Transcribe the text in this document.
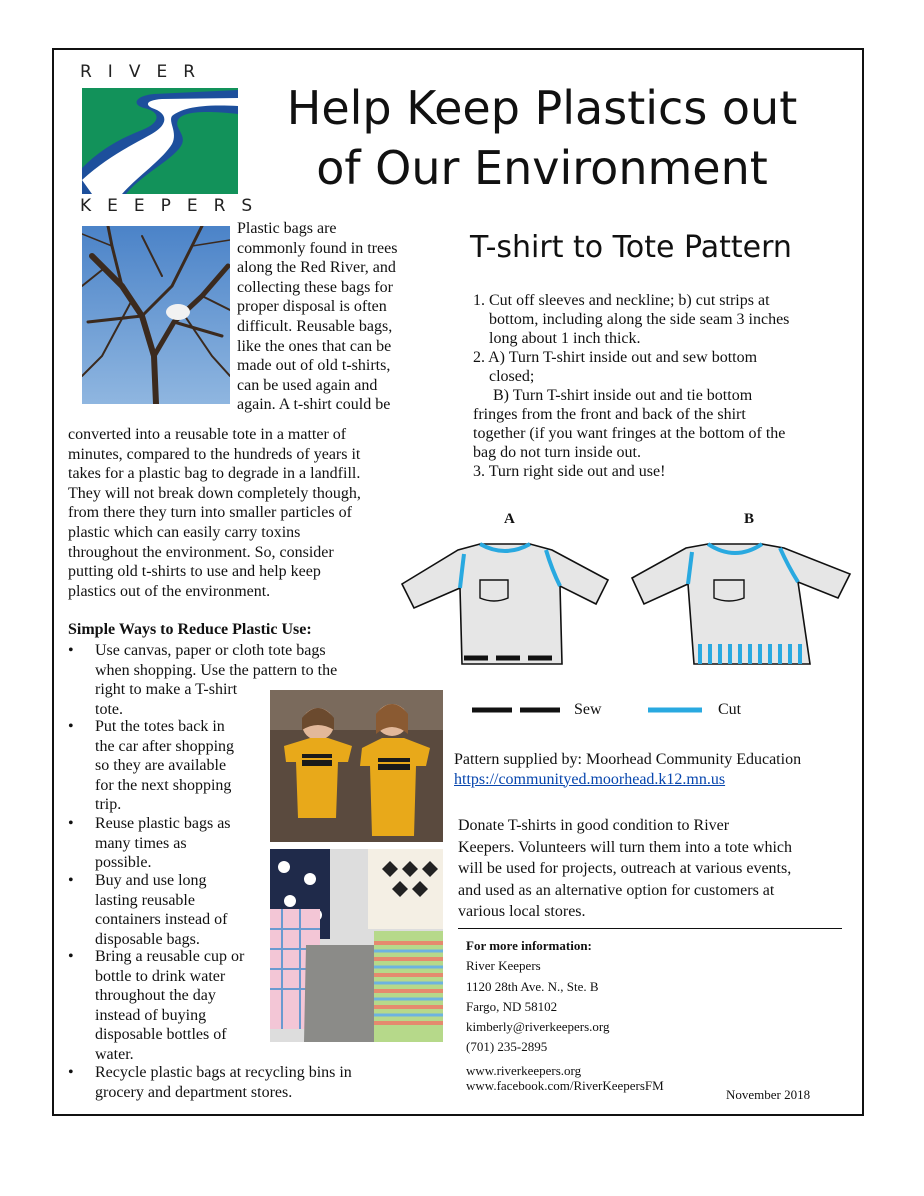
RIVER
KEEPERS
Help Keep Plastics out
of Our Environment
Plastic bags are
commonly found in trees
along the Red River, and
collecting these bags for
proper disposal is often
difficult. Reusable bags,
like the ones that can be
made out of old t-shirts,
can be used again and
again. A t-shirt could be
converted into a reusable tote in a matter of
minutes, compared to the hundreds of years it
takes for a plastic bag to degrade in a landfill.
They will not break down completely though,
from there they turn into smaller particles of
plastic which can easily carry toxins
throughout the environment. So, consider
putting old t-shirts to use and help keep
plastics out of the environment.
Simple Ways to Reduce Plastic Use:
• Use canvas, paper or cloth tote bags
when shopping. Use the pattern to the
right to make a T-shirt
tote.
• Put the totes back in
the car after shopping
so they are available
for the next shopping
trip.
• Reuse plastic bags as
many times as
possible.
• Buy and use long
lasting reusable
containers instead of
disposable bags.
• Bring a reusable cup or
bottle to drink water
throughout the day
instead of buying
disposable bottles of
water.
• Recycle plastic bags at recycling bins in
grocery and department stores.
T-shirt to Tote Pattern
1. Cut off sleeves and neckline; b) cut strips at
bottom, including along the side seam 3 inches
long about 1 inch thick.
2. A) Turn T-shirt inside out and sew bottom
closed;
B) Turn T-shirt inside out and tie bottom
fringes from the front and back of the shirt
together (if you want fringes at the bottom of the
bag do not turn inside out.
3. Turn right side out and use!
A	B
Sew	Cut
Pattern supplied by: Moorhead Community Education
https://communityed.moorhead.k12.mn.us
Donate T-shirts in good condition to River
Keepers. Volunteers will turn them into a tote which
will be used for projects, outreach at various events,
and used as an alternative option for customers at
various local stores.
For more information:
River Keepers
1120 28th Ave. N., Ste. B
Fargo, ND 58102
kimberly@riverkeepers.org
(701) 235-2895
www.riverkeepers.org
www.facebook.com/RiverKeepersFM
November 2018
